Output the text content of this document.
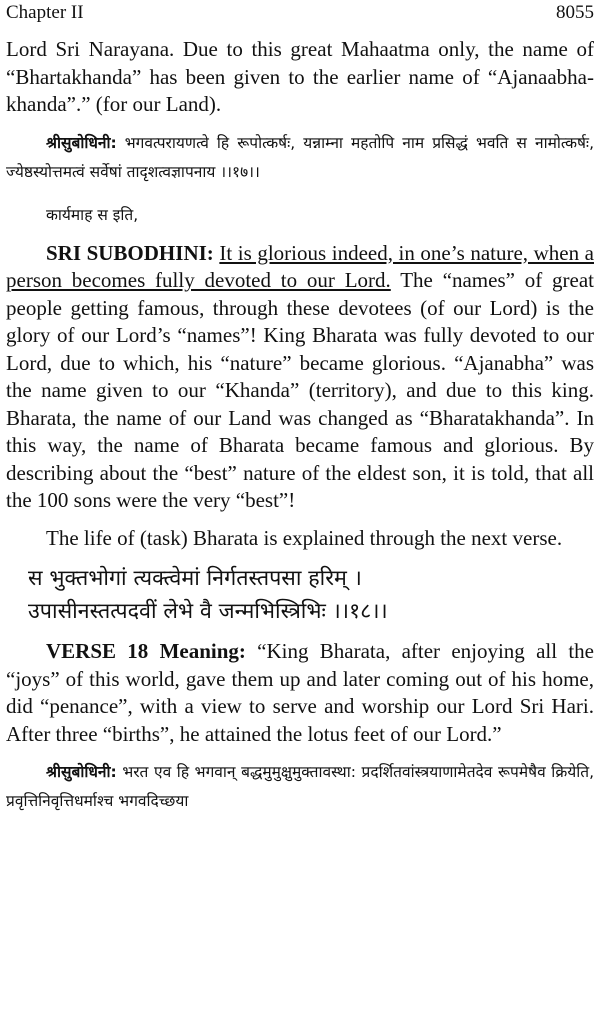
Chapter II	8055

Lord Sri Narayana. Due to this great Mahaatma only, the name of “Bhartakhanda” has been given to the earlier name of “Ajanaabha-khanda”.” (for our Land).

श्रीसुबोधिनी: भगवत्परायणत्वे हि रूपोत्कर्षः, यन्नाम्ना महतोपि नाम प्रसिद्धं भवति स नामोत्कर्षः, ज्येष्ठस्योत्तमत्वं सर्वेषां तादृशत्वज्ञापनाय ।।१७।।

कार्यमाह स इति,

SRI SUBODHINI: It is glorious indeed, in one’s nature, when a person becomes fully devoted to our Lord. The “names” of great people getting famous, through these devotees (of our Lord) is the glory of our Lord’s “names”! King Bharata was fully devoted to our Lord, due to which, his “nature” became glorious. “Ajanabha” was the name given to our “Khanda” (territory), and due to this king. Bharata, the name of our Land was changed as “Bharatakhanda”. In this way, the name of Bharata became famous and glorious. By describing about the “best” nature of the eldest son, it is told, that all the 100 sons were the very “best”!

The life of (task) Bharata is explained through the next verse.

स भुक्तभोगां त्यक्त्वेमां निर्गतस्तपसा हरिम् ।

उपासीनस्तत्पदवीं लेभे वै जन्मभिस्त्रिभिः ।।१८।।

VERSE 18 Meaning: “King Bharata, after enjoying all the “joys” of this world, gave them up and later coming out of his home, did “penance”, with a view to serve and worship our Lord Sri Hari. After three “births”, he attained the lotus feet of our Lord.”

श्रीसुबोधिनी: भरत एव हि भगवान् बद्धमुमुक्षुमुक्तावस्था: प्रदर्शितवांस्त्रयाणामेतदेव रूपमेषैव क्रियेति, प्रवृत्तिनिवृत्तिधर्माश्च भगवदिच्छया
